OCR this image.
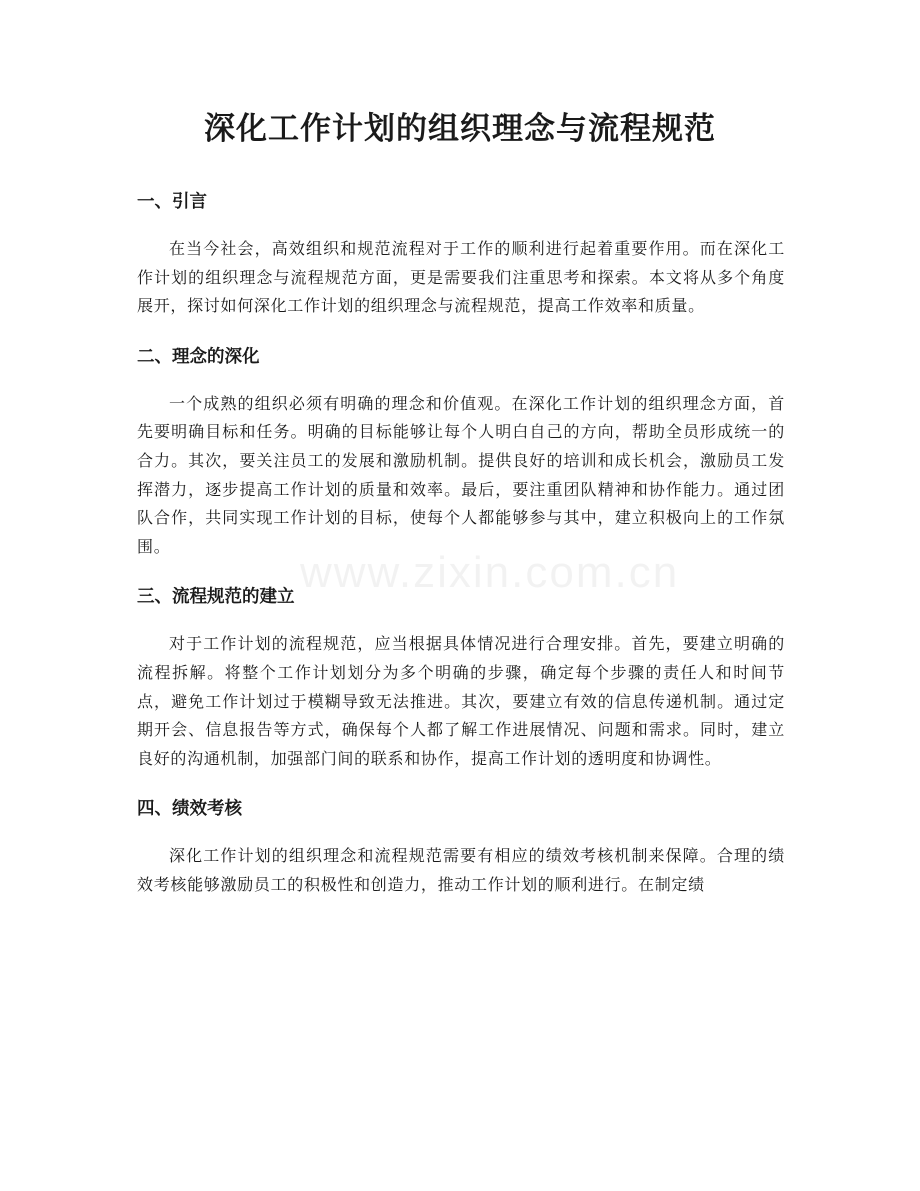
深化工作计划的组织理念与流程规范
www.zixin.com.cn
一、引言

在当今社会，高效组织和规范流程对于工作的顺利进行起着重要作用。而在深化工作计划的组织理念与流程规范方面，更是需要我们注重思考和探索。本文将从多个角度展开，探讨如何深化工作计划的组织理念与流程规范，提高工作效率和质量。

二、理念的深化

一个成熟的组织必须有明确的理念和价值观。在深化工作计划的组织理念方面，首先要明确目标和任务。明确的目标能够让每个人明白自己的方向，帮助全员形成统一的合力。其次，要关注员工的发展和激励机制。提供良好的培训和成长机会，激励员工发挥潜力，逐步提高工作计划的质量和效率。最后，要注重团队精神和协作能力。通过团队合作，共同实现工作计划的目标，使每个人都能够参与其中，建立积极向上的工作氛围。

三、流程规范的建立

对于工作计划的流程规范，应当根据具体情况进行合理安排。首先，要建立明确的流程拆解。将整个工作计划划分为多个明确的步骤，确定每个步骤的责任人和时间节点，避免工作计划过于模糊导致无法推进。其次，要建立有效的信息传递机制。通过定期开会、信息报告等方式，确保每个人都了解工作进展情况、问题和需求。同时，建立良好的沟通机制，加强部门间的联系和协作，提高工作计划的透明度和协调性。

四、绩效考核

深化工作计划的组织理念和流程规范需要有相应的绩效考核机制来保障。合理的绩效考核能够激励员工的积极性和创造力，推动工作计划的顺利进行。在制定绩
